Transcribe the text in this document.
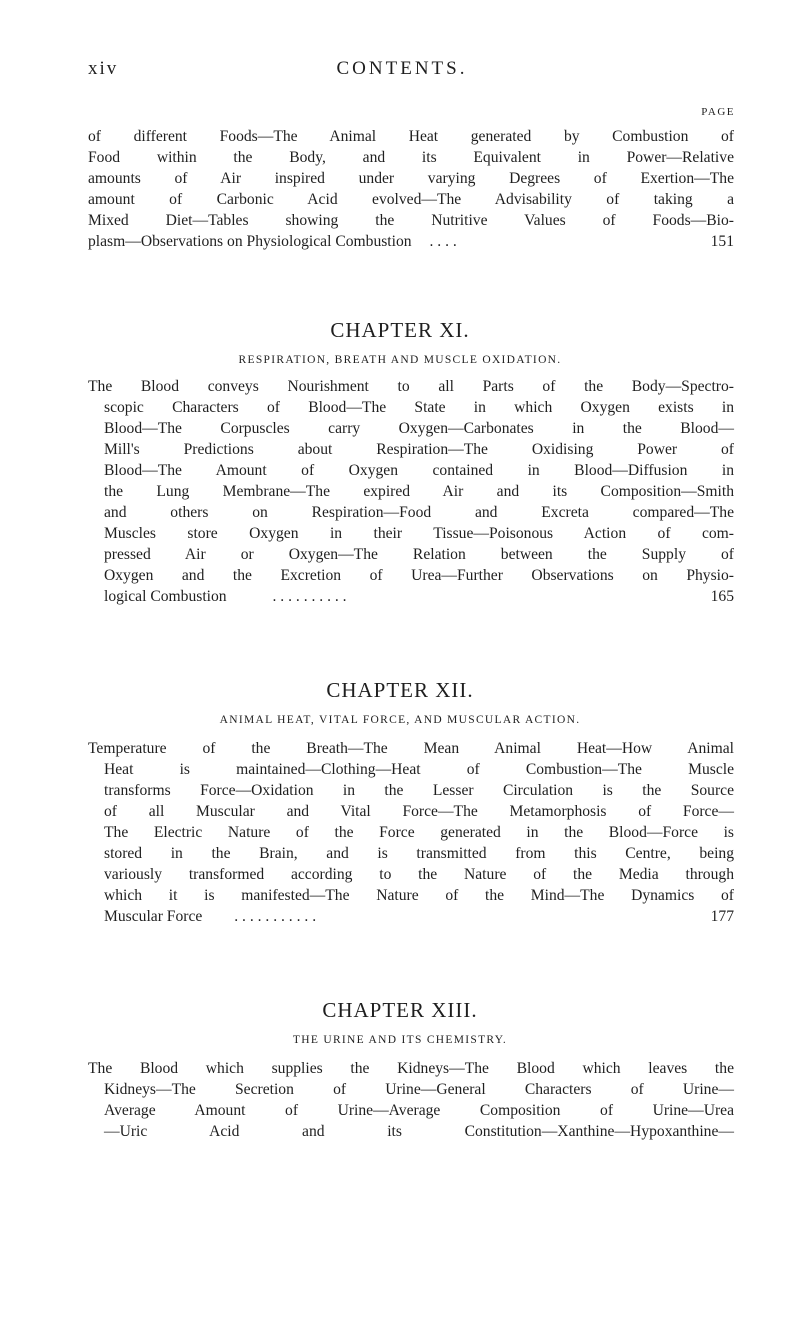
xiv	CONTENTS.
PAGE
of different Foods—The Animal Heat generated by Combustion of
Food within the Body, and its Equivalent in Power—Relative
amounts of Air inspired under varying Degrees of Exertion—The
amount of Carbonic Acid evolved—The Advisability of taking a
Mixed Diet—Tables showing the Nutritive Values of Foods—Bio-
plasm—Observations on Physiological Combustion . . . .	151
CHAPTER XI.
RESPIRATION, BREATH AND MUSCLE OXIDATION.
The Blood conveys Nourishment to all Parts of the Body—Spectro-
scopic Characters of Blood—The State in which Oxygen exists in
Blood—The Corpuscles carry Oxygen—Carbonates in the Blood—
Mill's Predictions about Respiration—The Oxidising Power of
Blood—The Amount of Oxygen contained in Blood—Diffusion in
the Lung Membrane—The expired Air and its Composition—Smith
and others on Respiration—Food and Excreta compared—The
Muscles store Oxygen in their Tissue—Poisonous Action of com-
pressed Air or Oxygen—The Relation between the Supply of
Oxygen and the Excretion of Urea—Further Observations on Physio-
logical Combustion	. . . . . . . . . .	165
CHAPTER XII.
ANIMAL HEAT, VITAL FORCE, AND MUSCULAR ACTION.
Temperature of the Breath—The Mean Animal Heat—How Animal
Heat is maintained—Clothing—Heat of Combustion—The Muscle
transforms Force—Oxidation in the Lesser Circulation is the Source
of all Muscular and Vital Force—The Metamorphosis of Force—
The Electric Nature of the Force generated in the Blood—Force is
stored in the Brain, and is transmitted from this Centre, being
variously transformed according to the Nature of the Media through
which it is manifested—The Nature of the Mind—The Dynamics of
Muscular Force . . . . . . . . . . .	177
CHAPTER XIII.
THE URINE AND ITS CHEMISTRY.
The Blood which supplies the Kidneys—The Blood which leaves the
Kidneys—The Secretion of Urine—General Characters of Urine—
Average Amount of Urine—Average Composition of Urine—Urea
—Uric Acid and its Constitution—Xanthine—Hypoxanthine—
